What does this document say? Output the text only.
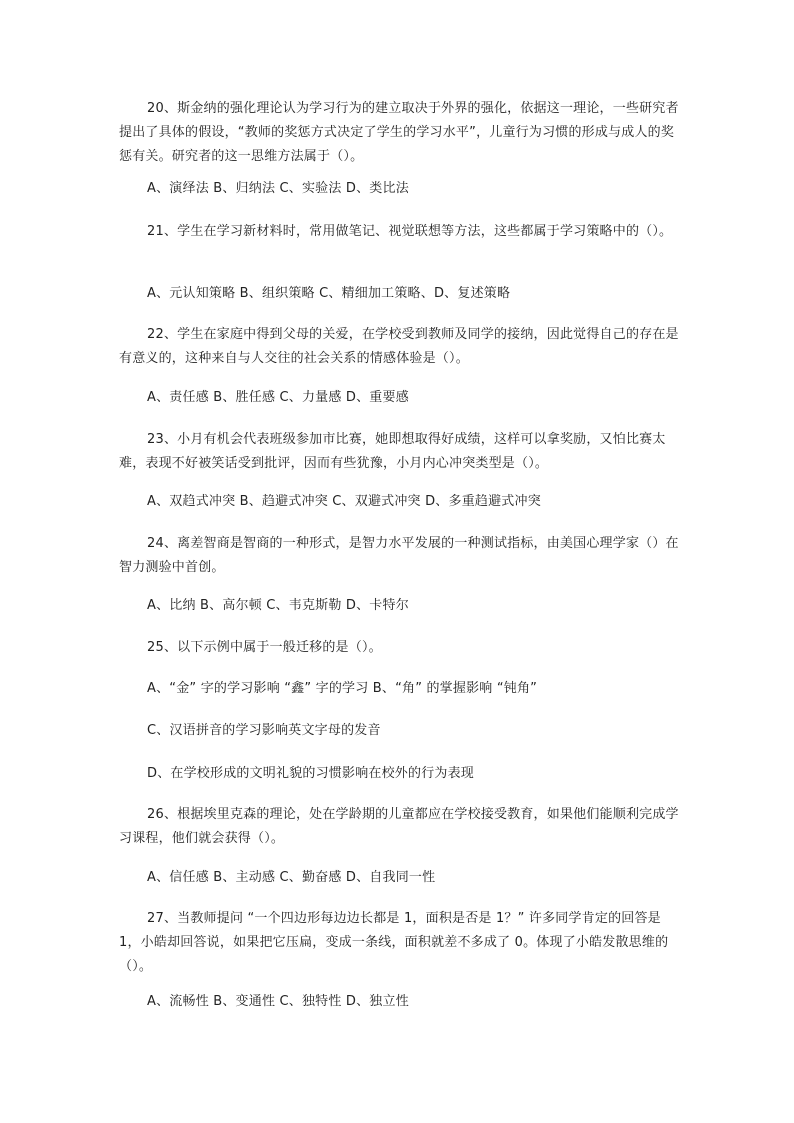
20、斯金纳的强化理论认为学习行为的建立取决于外界的强化，依据这一理论，一些研究者提出了具体的假设，“教师的奖惩方式决定了学生的学习水平”，儿童行为习惯的形成与成人的奖惩有关。研究者的这一思维方法属于（）。

A、演绎法 B、归纳法 C、实验法 D、类比法

21、学生在学习新材料时，常用做笔记、视觉联想等方法，这些都属于学习策略中的（）。

A、元认知策略 B、组织策略 C、精细加工策略、D、复述策略

22、学生在家庭中得到父母的关爱，在学校受到教师及同学的接纳，因此觉得自己的存在是有意义的，这种来自与人交往的社会关系的情感体验是（）。

A、责任感 B、胜任感 C、力量感 D、重要感

23、小月有机会代表班级参加市比赛，她即想取得好成绩，这样可以拿奖励，又怕比赛太难，表现不好被笑话受到批评，因而有些犹豫，小月内心冲突类型是（）。

A、双趋式冲突 B、趋避式冲突 C、双避式冲突 D、多重趋避式冲突

24、离差智商是智商的一种形式，是智力水平发展的一种测试指标，由美国心理学家（）在智力测验中首创。

A、比纳 B、高尔顿 C、韦克斯勒 D、卡特尔

25、以下示例中属于一般迁移的是（）。

A、“金” 字的学习影响 “鑫” 字的学习 B、“角” 的掌握影响 “钝角”

C、汉语拼音的学习影响英文字母的发音

D、在学校形成的文明礼貌的习惯影响在校外的行为表现

26、根据埃里克森的理论，处在学龄期的儿童都应在学校接受教育，如果他们能顺利完成学习课程，他们就会获得（）。

A、信任感 B、主动感 C、勤奋感 D、自我同一性

27、当教师提问 “一个四边形每边边长都是 1，面积是否是 1？” 许多同学肯定的回答是 1，小皓却回答说，如果把它压扁，变成一条线，面积就差不多成了 0。体现了小皓发散思维的（）。

A、流畅性 B、变通性 C、独特性 D、独立性
